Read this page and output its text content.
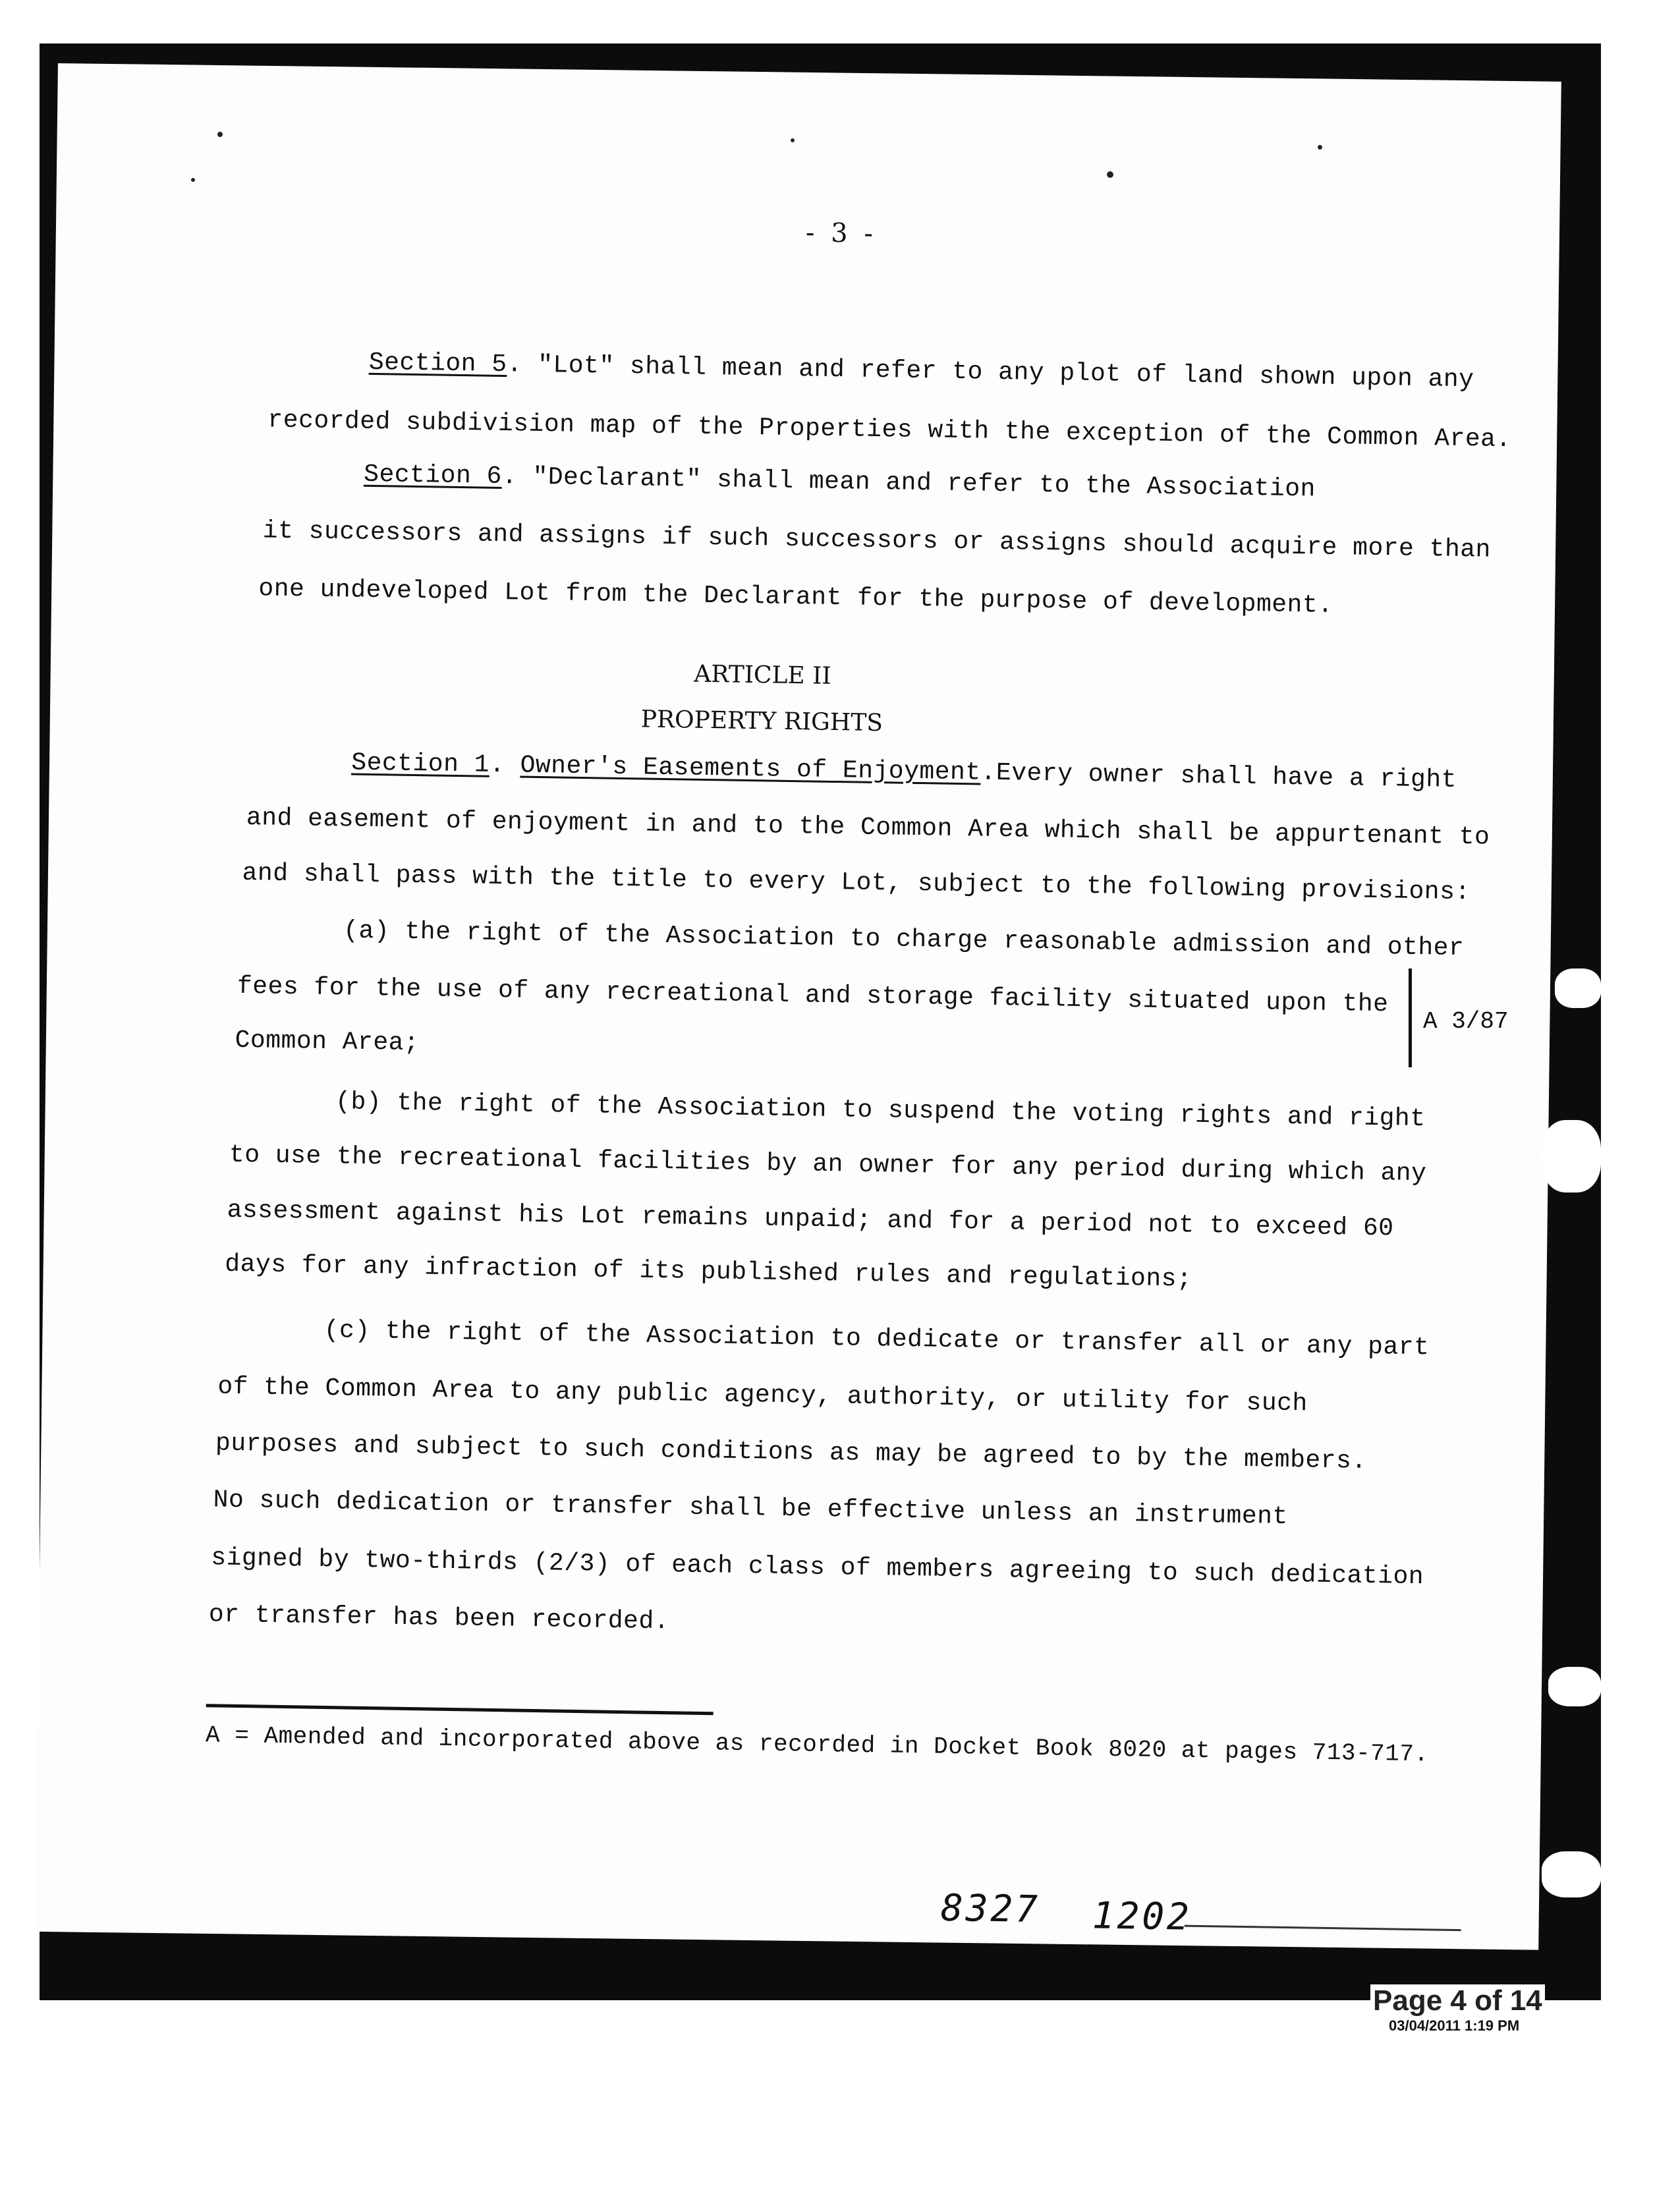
- 3 -
Section 5. "Lot" shall mean and refer to any plot of land shown upon any
recorded subdivision map of the Properties with the exception of the Common Area.
Section 6. "Declarant" shall mean and refer to the Association
it successors and assigns if such successors or assigns should acquire more than
one undeveloped Lot from the Declarant for the purpose of development.
ARTICLE II
PROPERTY RIGHTS
Section 1. Owner's Easements of Enjoyment.Every owner shall have a right
and easement of enjoyment in and to the Common Area which shall be appurtenant to
and shall pass with the title to every Lot, subject to the following provisions:
(a) the right of the Association to charge reasonable admission and other
fees for the use of any recreational and storage facility situated upon the
Common Area;
(b) the right of the Association to suspend the voting rights and right
to use the recreational facilities by an owner for any period during which any
assessment against his Lot remains unpaid; and for a period not to exceed 60
days for any infraction of its published rules and regulations;
(c) the right of the Association to dedicate or transfer all or any part
of the Common Area to any public agency, authority, or utility for such
purposes and subject to such conditions as may be agreed to by the members.
No such dedication or transfer shall be effective unless an instrument
signed by two-thirds (2/3) of each class of members agreeing to such dedication
or transfer has been recorded.
A = Amended and incorporated above as recorded in Docket Book 8020 at pages 713-717.
8327 1202
A 3/87
Page 4 of 14
03/04/2011 1:19 PM
